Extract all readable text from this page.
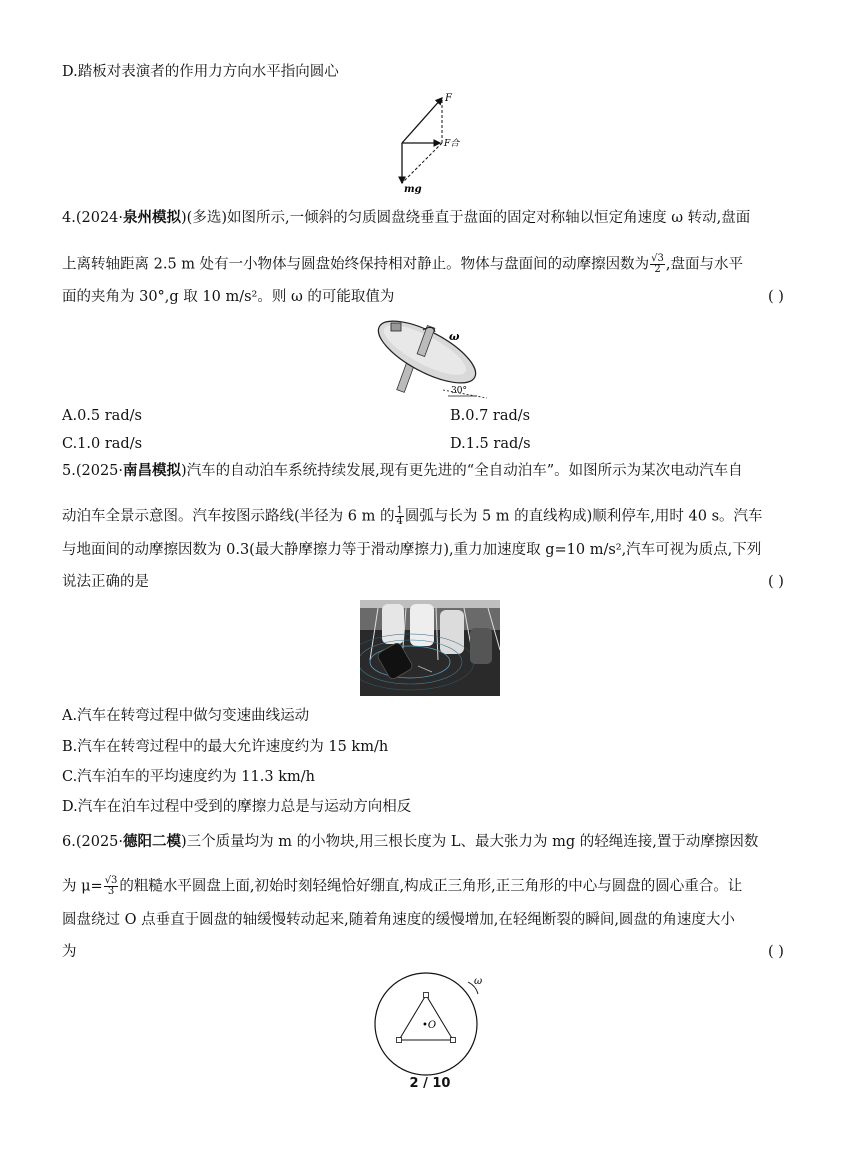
D.踏板对表演者的作用力方向水平指向圆心
F
F合
mg
4.(2024·泉州模拟)(多选)如图所示,一倾斜的匀质圆盘绕垂直于盘面的固定对称轴以恒定角速度 ω 转动,盘面
上离转轴距离 2.5 m 处有一小物体与圆盘始终保持相对静止。物体与盘面间的动摩擦因数为 $\frac{√3}{2}$ ,盘面与水平
面的夹角为 30°,g 取 10 m/s²。则 ω 的可能取值为	( )
ω
30°
A.0.5 rad/s	B.0.7 rad/s
C.1.0 rad/s	D.1.5 rad/s
5.(2025·南昌模拟)汽车的自动泊车系统持续发展,现有更先进的“全自动泊车”。如图所示为某次电动汽车自
动泊车全景示意图。汽车按图示路线(半径为 6 m 的 $\frac{1}{4}$ 圆弧与长为 5 m 的直线构成)顺利停车,用时 40 s。汽车
与地面间的动摩擦因数为 0.3(最大静摩擦力等于滑动摩擦力),重力加速度取 g=10 m/s²,汽车可视为质点,下列
说法正确的是	( )
A.汽车在转弯过程中做匀变速曲线运动
B.汽车在转弯过程中的最大允许速度约为 15 km/h
C.汽车泊车的平均速度约为 11.3 km/h
D.汽车在泊车过程中受到的摩擦力总是与运动方向相反
6.(2025·德阳二模)三个质量均为 m 的小物块,用三根长度为 L、最大张力为 mg 的轻绳连接,置于动摩擦因数
为 $\mu= \frac{√3}{3}$ 的粗糙水平圆盘上面,初始时刻轻绳恰好绷直,构成正三角形,正三角形的中心与圆盘的圆心重合。让
圆盘绕过 O 点垂直于圆盘的轴缓慢转动起来,随着角速度的缓慢增加,在轻绳断裂的瞬间,圆盘的角速度大小
为	( )
•O
ω
2 / 10
